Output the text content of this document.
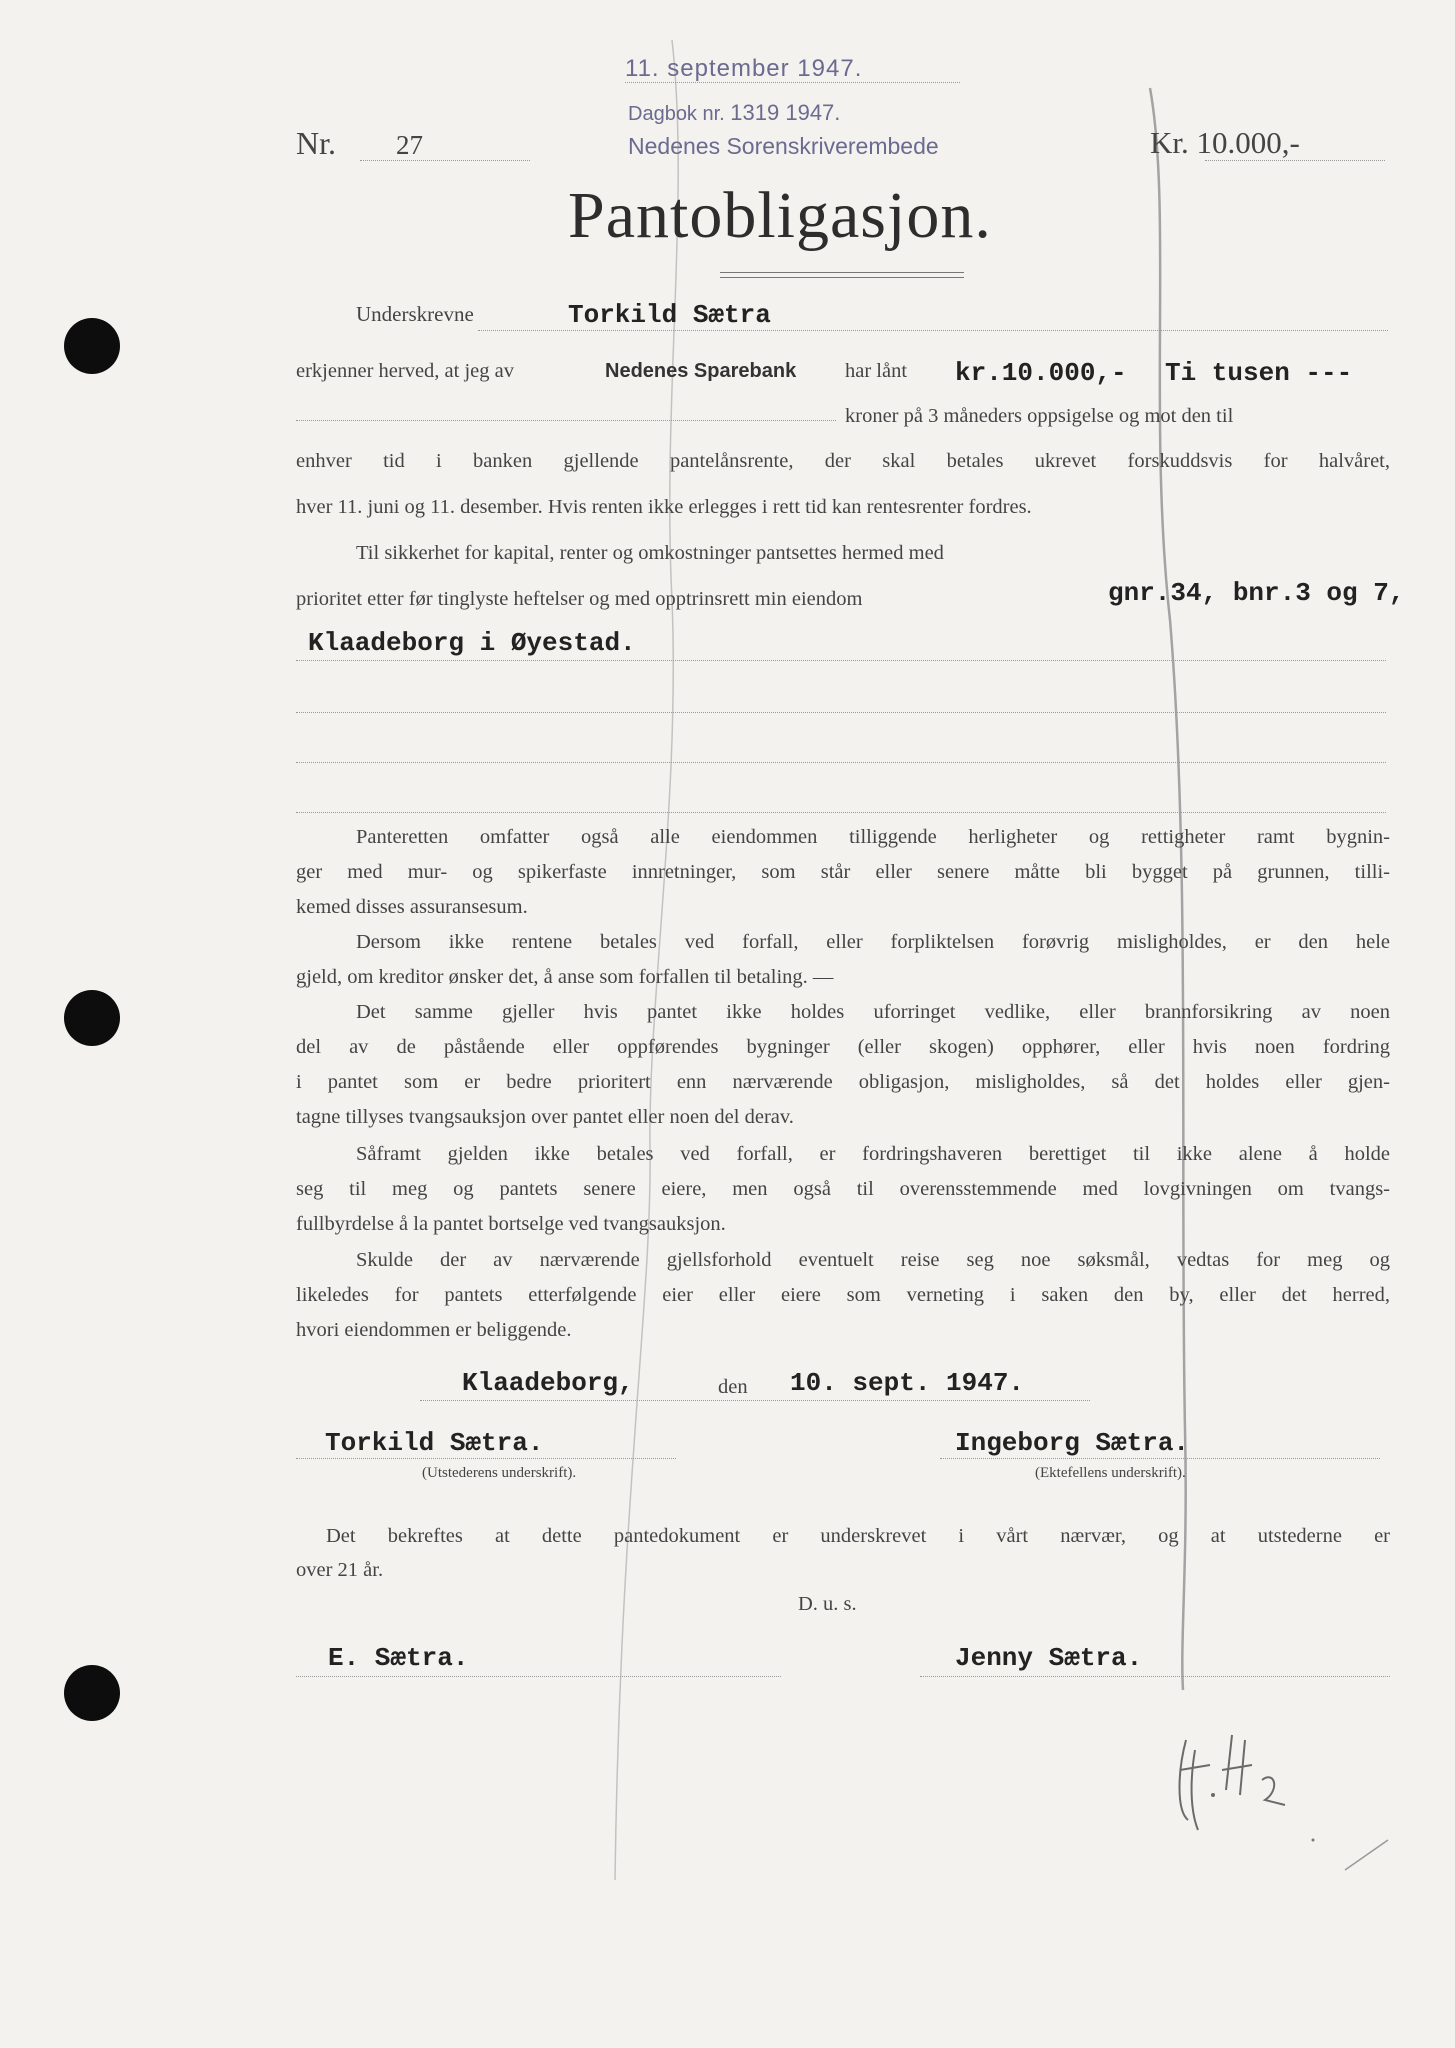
11. september 1947.
Dagbok nr. 1319 1947.
Nedenes Sorenskriverembede
Nr. 27	Kr. 10.000,-
Pantobligasjon.
Underskrevne	Torkild Sætra
erkjenner herved, at jeg av	Nedenes Sparebank har lånt kr.10.000,- Ti tusen ---
kroner på 3 måneders oppsigelse og mot den til
enhver tid i banken gjellende pantelånsrente, der skal betales ukrevet forskuddsvis for halvåret,
hver 11. juni og 11. desember. Hvis renten ikke erlegges i rett tid kan rentesrenter fordres.
Til sikkerhet for kapital, renter og omkostninger pantsettes hermed med
prioritet etter før tinglyste heftelser og med opptrinsrett min eiendom	gnr.34, bnr.3 og 7,
Klaadeborg i Øyestad.
Panteretten omfatter også alle eiendommen tilliggende herligheter og rettigheter ramt bygnin-
ger med mur- og spikerfaste innretninger, som står eller senere måtte bli bygget på grunnen, tilli-
kemed disses assuransesum.
Dersom ikke rentene betales ved forfall, eller forpliktelsen forøvrig misligholdes, er den hele
gjeld, om kreditor ønsker det, å anse som forfallen til betaling. —
Det samme gjeller hvis pantet ikke holdes uforringet vedlike, eller brannforsikring av noen
del av de påstående eller oppførendes bygninger (eller skogen) opphører, eller hvis noen fordring
i pantet som er bedre prioritert enn nærværende obligasjon, misligholdes, så det holdes eller gjen-
tagne tillyses tvangsauksjon over pantet eller noen del derav.
Såframt gjelden ikke betales ved forfall, er fordringshaveren berettiget til ikke alene å holde
seg til meg og pantets senere eiere, men også til overensstemmende med lovgivningen om tvangs-
fullbyrdelse å la pantet bortselge ved tvangsauksjon.
Skulde der av nærværende gjellsforhold eventuelt reise seg noe søksmål, vedtas for meg og
likeledes for pantets etterfølgende eier eller eiere som verneting i saken den by, eller det herred,
hvori eiendommen er beliggende.
Klaadeborg,	den 10. sept. 1947.
Torkild Sætra.
(Utstederens underskrift).
Ingeborg Sætra.
(Ektefellens underskrift).
Det bekreftes at dette pantedokument er underskrevet i vårt nærvær, og at utstederne er
over 21 år.
D. u. s.
E. Sætra.	Jenny Sætra.
